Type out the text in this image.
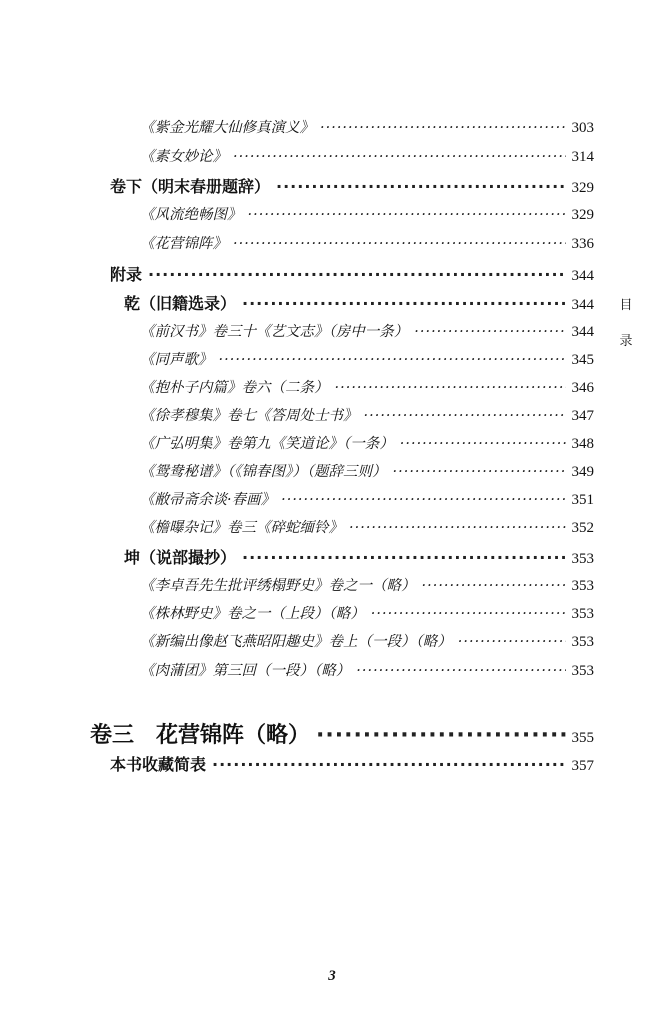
《紫金光耀大仙修真演义》 ·····	303
《素女妙论》 ·····	314
卷下（明末春册题辞） ·····	329
《风流绝畅图》 ·····	329
《花营锦阵》 ·····	336
附录 ·····	344
乾（旧籍选录） ·····	344
《前汉书》卷三十《艺文志》（房中一条） ·····	344
《同声歌》 ·····	345
《抱朴子内篇》卷六（二条） ·····	346
《徐孝穆集》卷七《答周处士书》 ·····	347
《广弘明集》卷第九《笑道论》（一条） ·····	348
《鸳鸯秘谱》（《锦春图》）（题辞三则） ·····	349
《敝帚斋余谈·春画》 ·····	351
《檐曝杂记》卷三《碎蛇缅铃》 ·····	352
坤（说部撮抄） ·····	353
《李卓吾先生批评绣榻野史》卷之一（略） ·····	353
《株林野史》卷之一（上段）（略） ·····	353
《新编出像赵飞燕昭阳趣史》卷上（一段）（略） ·····	353
《肉蒲团》第三回（一段）（略） ·····	353
卷三　花营锦阵（略） ·····	355
本书收藏简表 ·····	357
目
录
3
